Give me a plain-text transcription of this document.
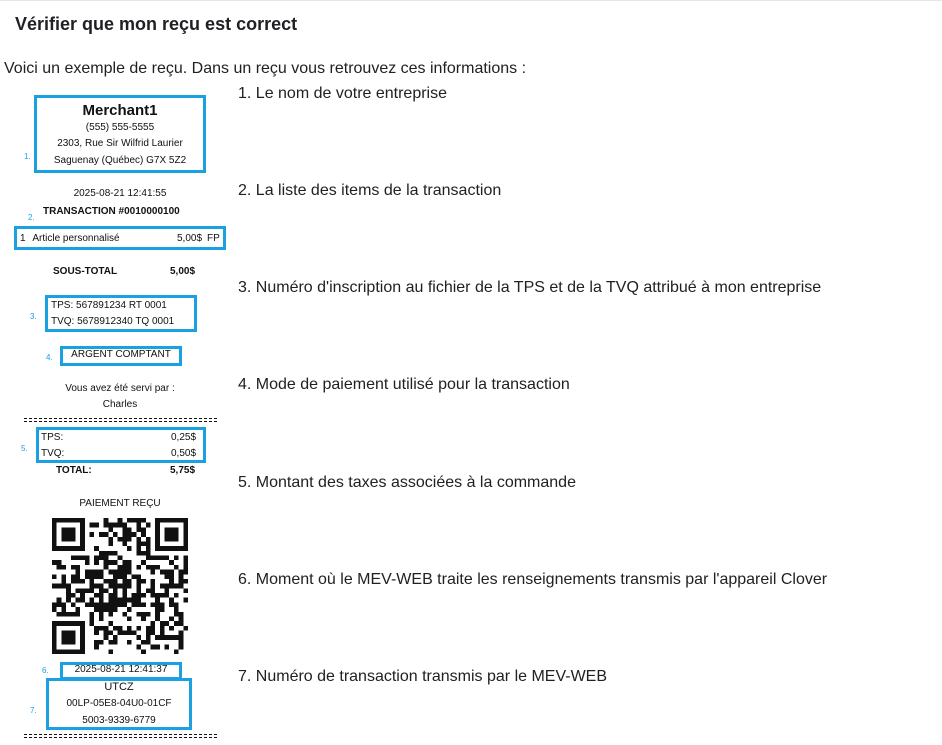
Vérifier que mon reçu est correct
Voici un exemple de reçu. Dans un reçu vous retrouvez ces informations :
Merchant1
(555) 555-5555
2303, Rue Sir Wilfrid Laurier
Saguenay (Québec) G7X 5Z2
1.
2025-08-21 12:41:55
TRANSACTION #0010000100
2.
1 Article personnalisé	5,00$ FP
SOUS-TOTAL	5,00$
TPS: 567891234 RT 0001
TVQ: 5678912340 TQ 0001
3.
ARGENT COMPTANT
4.
Vous avez été servi par :
Charles
TPS:	0,25$
TVQ:	0,50$
5.
TOTAL:	5,75$
PAIEMENT REÇU
2025-08-21 12:41:37
6.
UTCZ
00LP-05E8-04U0-01CF
5003-9339-6779
7.
1. Le nom de votre entreprise
2. La liste des items de la transaction
3. Numéro d'inscription au fichier de la TPS et de la TVQ attribué à mon entreprise
4. Mode de paiement utilisé pour la transaction
5. Montant des taxes associées à la commande
6. Moment où le MEV-WEB traite les renseignements transmis par l'appareil Clover
7. Numéro de transaction transmis par le MEV-WEB
